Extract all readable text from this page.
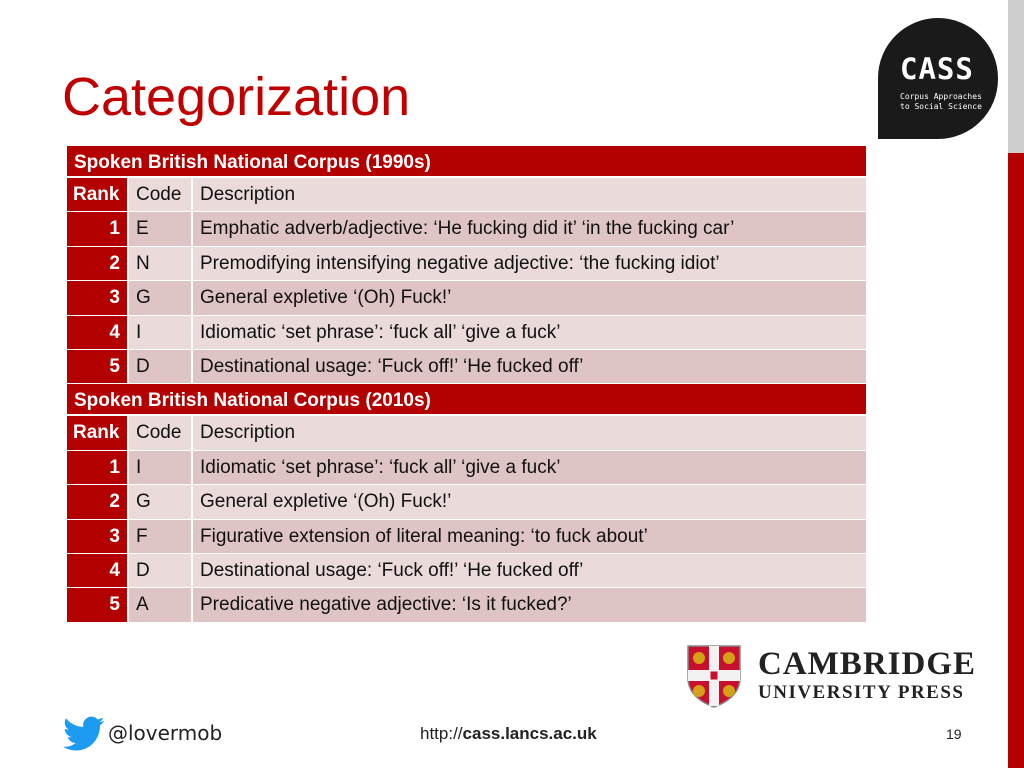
Categorization	CASS
Corpus Approaches to Social Science
Spoken British National Corpus (1990s)
Rank Code Description
1 E	Emphatic adverb/adjective: ‘He fucking did it’ ‘in the fucking car’
2 N	Premodifying intensifying negative adjective: ‘the fucking idiot’
3 G	General expletive ‘(Oh) Fuck!’
4 I	Idiomatic ‘set phrase’: ‘fuck all’ ‘give a fuck’
5 D	Destinational usage: ‘Fuck off!’ ‘He fucked off’
Spoken British National Corpus (2010s)
Rank Code Description
1 I	Idiomatic ‘set phrase’: ‘fuck all’ ‘give a fuck’
2 G	General expletive ‘(Oh) Fuck!’
3 F	Figurative extension of literal meaning: ‘to fuck about’
4 D	Destinational usage: ‘Fuck off!’ ‘He fucked off’
5 A	Predicative negative adjective: ‘Is it fucked?’
CAMBRIDGE
UNIVERSITY PRESS
@lovermob	http://cass.lancs.ac.uk	19
